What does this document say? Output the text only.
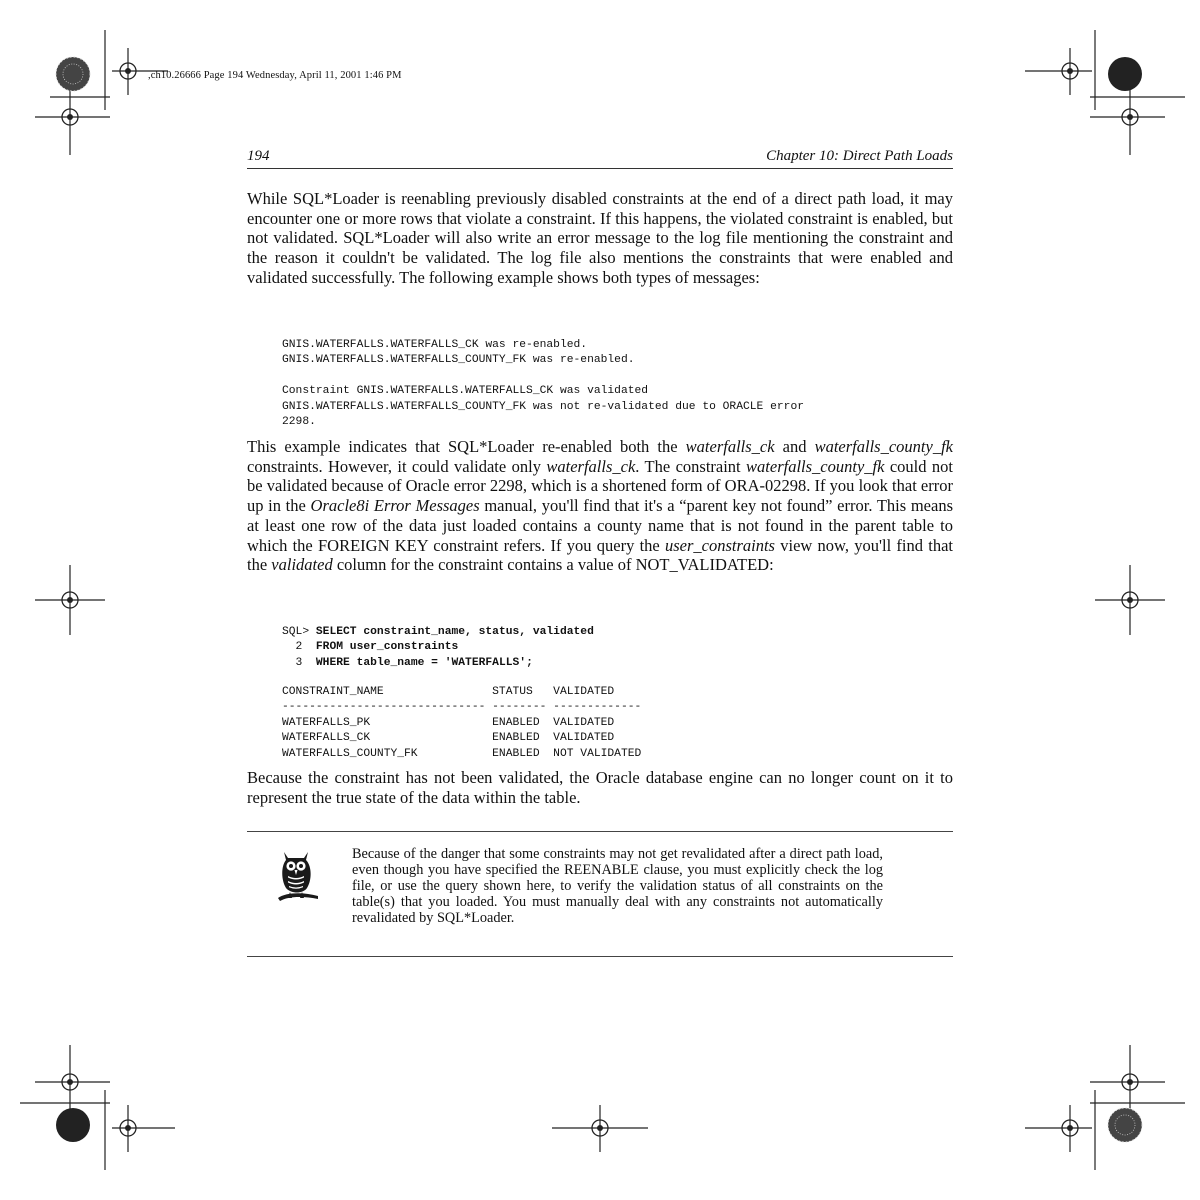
,ch10.26666 Page 194 Wednesday, April 11, 2001 1:46 PM
194	Chapter 10: Direct Path Loads

While SQL*Loader is reenabling previously disabled constraints at the end of a direct path load, it may encounter one or more rows that violate a constraint. If this happens, the violated constraint is enabled, but not validated. SQL*Loader will also write an error message to the log file mentioning the constraint and the reason it couldn't be validated. The log file also mentions the constraints that were enabled and validated successfully. The following example shows both types of messages:

GNIS.WATERFALLS.WATERFALLS_CK was re-enabled.
GNIS.WATERFALLS.WATERFALLS_COUNTY_FK was re-enabled.

Constraint GNIS.WATERFALLS.WATERFALLS_CK was validated
GNIS.WATERFALLS.WATERFALLS_COUNTY_FK was not re-validated due to ORACLE error
2298.

This example indicates that SQL*Loader re-enabled both the waterfalls_ck and waterfalls_county_fk constraints. However, it could validate only waterfalls_ck. The constraint waterfalls_county_fk could not be validated because of Oracle error 2298, which is a shortened form of ORA-02298. If you look that error up in the Oracle8i Error Messages manual, you'll find that it's a “parent key not found” error. This means at least one row of the data just loaded contains a county name that is not found in the parent table to which the FOREIGN KEY constraint refers. If you query the user_constraints view now, you'll find that the validated column for the constraint contains a value of NOT_VALIDATED:

SQL> SELECT constraint_name, status, validated
2  FROM user_constraints
3  WHERE table_name = 'WATERFALLS';
CONSTRAINT_NAME                STATUS   VALIDATED
------------------------------ -------- -------------
WATERFALLS_PK                  ENABLED  VALIDATED
WATERFALLS_CK                  ENABLED  VALIDATED
WATERFALLS_COUNTY_FK           ENABLED  NOT VALIDATED

Because the constraint has not been validated, the Oracle database engine can no longer count on it to represent the true state of the data within the table.

Because of the danger that some constraints may not get revalidated after a direct path load, even though you have specified the REENABLE clause, you must explicitly check the log file, or use the query shown here, to verify the validation status of all constraints on the table(s) that you loaded. You must manually deal with any constraints not automatically revalidated by SQL*Loader.
